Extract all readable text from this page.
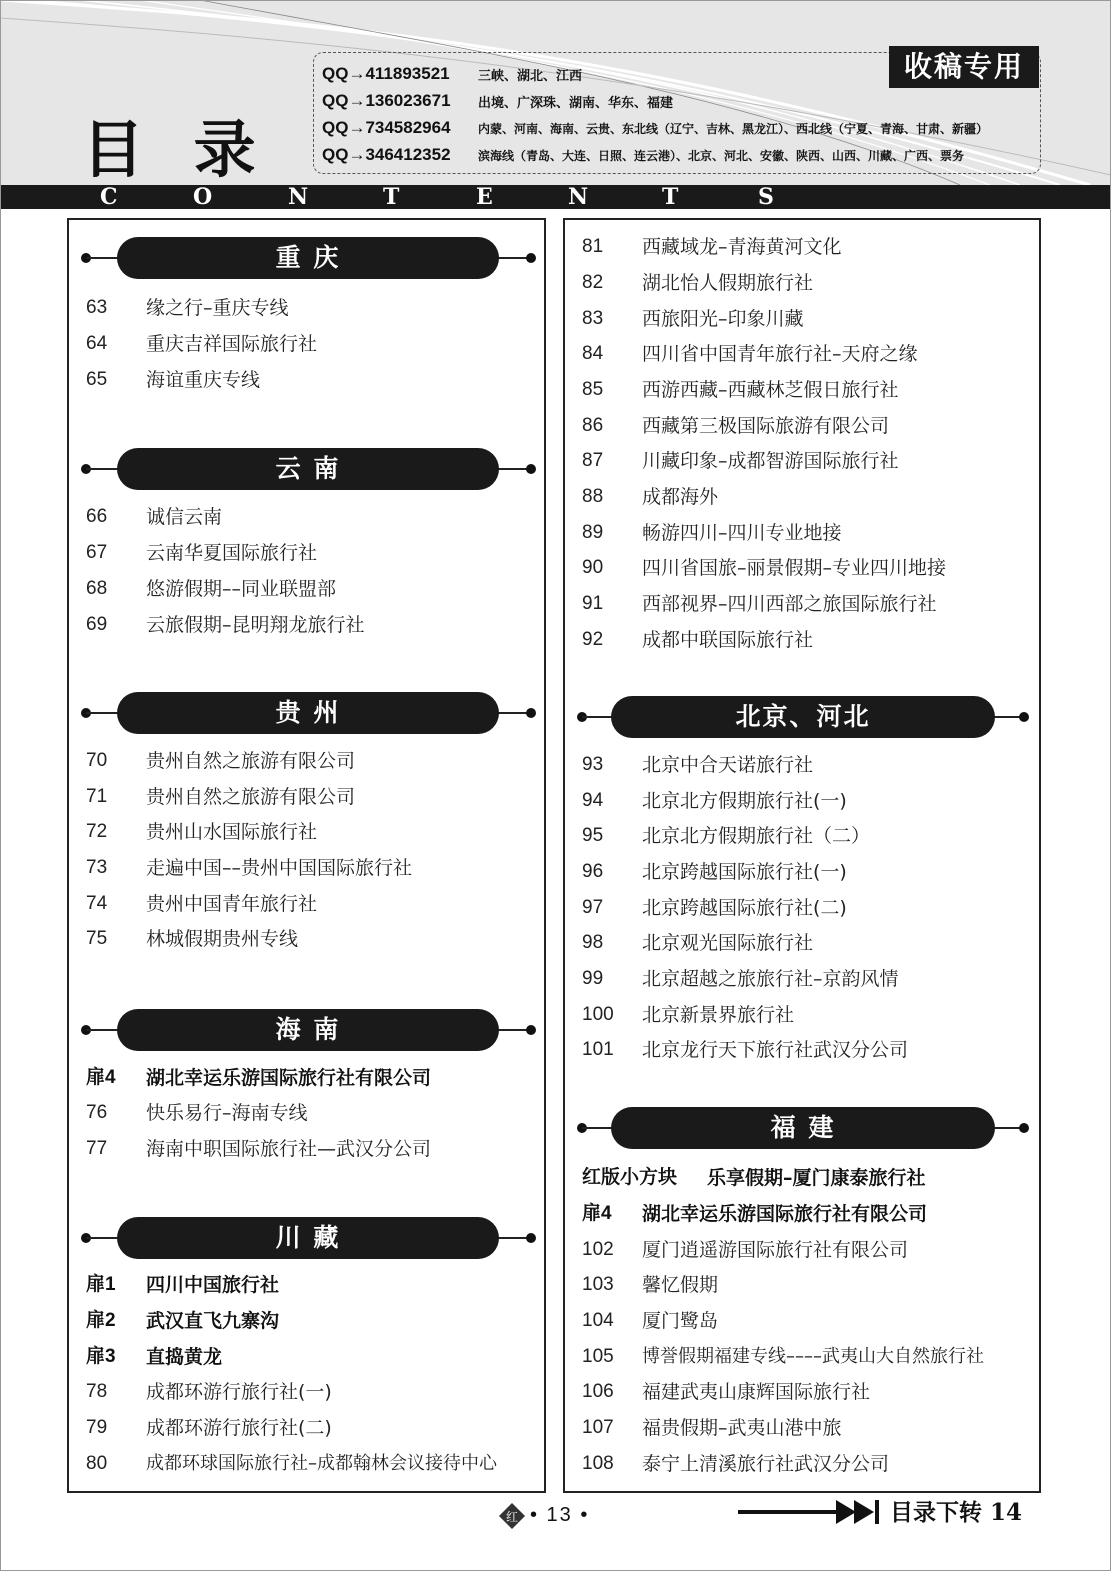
目 录
QQ→411893521	三峡、湖北、江西
QQ→136023671	出境、广深珠、湖南、华东、福建
QQ→734582964	内蒙、河南、海南、云贵、东北线（辽宁、吉林、黑龙江）、西北线（宁夏、青海、甘肃、新疆）
QQ→346412352	滨海线（青岛、大连、日照、连云港）、北京、河北、安徽、陕西、山西、川藏、广西、票务
收稿专用
C	O	N	T	E	N	T	S
重 庆
63 缘之行–重庆专线
64 重庆吉祥国际旅行社
65 海谊重庆专线
云 南
66 诚信云南
67 云南华夏国际旅行社
68 悠游假期––同业联盟部
69 云旅假期–昆明翔龙旅行社
贵 州
70 贵州自然之旅游有限公司
71 贵州自然之旅游有限公司
72 贵州山水国际旅行社
73 走遍中国––贵州中国国际旅行社
74 贵州中国青年旅行社
75 林城假期贵州专线
海 南
扉4 湖北幸运乐游国际旅行社有限公司
76 快乐易行–海南专线
77 海南中职国际旅行社—武汉分公司
川 藏
扉1 四川中国旅行社
扉2 武汉直飞九寨沟
扉3 直捣黄龙
78 成都环游行旅行社(一)
79 成都环游行旅行社(二)
80 成都环球国际旅行社–成都翰林会议接待中心
81 西藏域龙–青海黄河文化
82 湖北怡人假期旅行社
83 西旅阳光–印象川藏
84 四川省中国青年旅行社–天府之缘
85 西游西藏–西藏林芝假日旅行社
86 西藏第三极国际旅游有限公司
87 川藏印象–成都智游国际旅行社
88 成都海外
89 畅游四川–四川专业地接
90 四川省国旅–丽景假期–专业四川地接
91 西部视界–四川西部之旅国际旅行社
92 成都中联国际旅行社
北京、河北
93 北京中合天诺旅行社
94 北京北方假期旅行社(一)
95 北京北方假期旅行社（二）
96 北京跨越国际旅行社(一)
97 北京跨越国际旅行社(二)
98 北京观光国际旅行社
99 北京超越之旅旅行社–京韵风情
100 北京新景界旅行社
101 北京龙行天下旅行社武汉分公司
福 建
红版小方块 乐享假期–厦门康泰旅行社
扉4 湖北幸运乐游国际旅行社有限公司
102 厦门逍遥游国际旅行社有限公司
103 馨忆假期
104 厦门鹭岛
105 博誉假期福建专线––––武夷山大自然旅行社
106 福建武夷山康辉国际旅行社
107 福贵假期–武夷山港中旅
108 泰宁上清溪旅行社武汉分公司
红 • 13 •	目录下转 14
